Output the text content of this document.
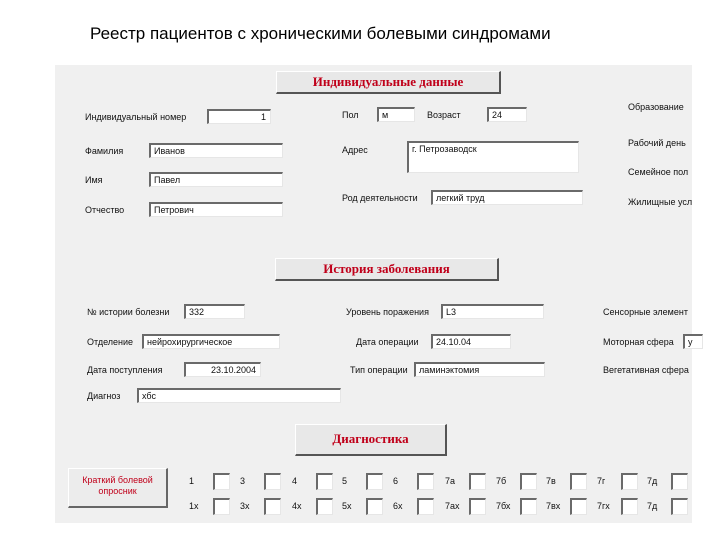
Реестр пациентов с хроническими болевыми синдромами
Индивидуальные данные
Индивидуальный номер	1
Фамилия	Иванов
Имя	Павел
Отчество	Петрович
Пол	м	Возраст	24
Адрес	г. Петрозаводск
Род деятельности	легкий труд
Образование
Рабочий день
Семейное пол
Жилищные усл
История заболевания
№ истории болезни	332
Отделение	нейрохирургическое
Дата поступления	23.10.2004
Диагноз	хбс
Уровень поражения	L3
Дата операции	24.10.04
Тип операции	ламинэктомия
Сенсорные элемент
Моторная сфера	у
Вегетативная сфера
Диагностика
Краткий болевой опросник
1	3	4	5	6	7а	7б	7в	7г	7д
1х	3х	4х	5х	6х	7ах	7бх	7вх	7гх	7д
